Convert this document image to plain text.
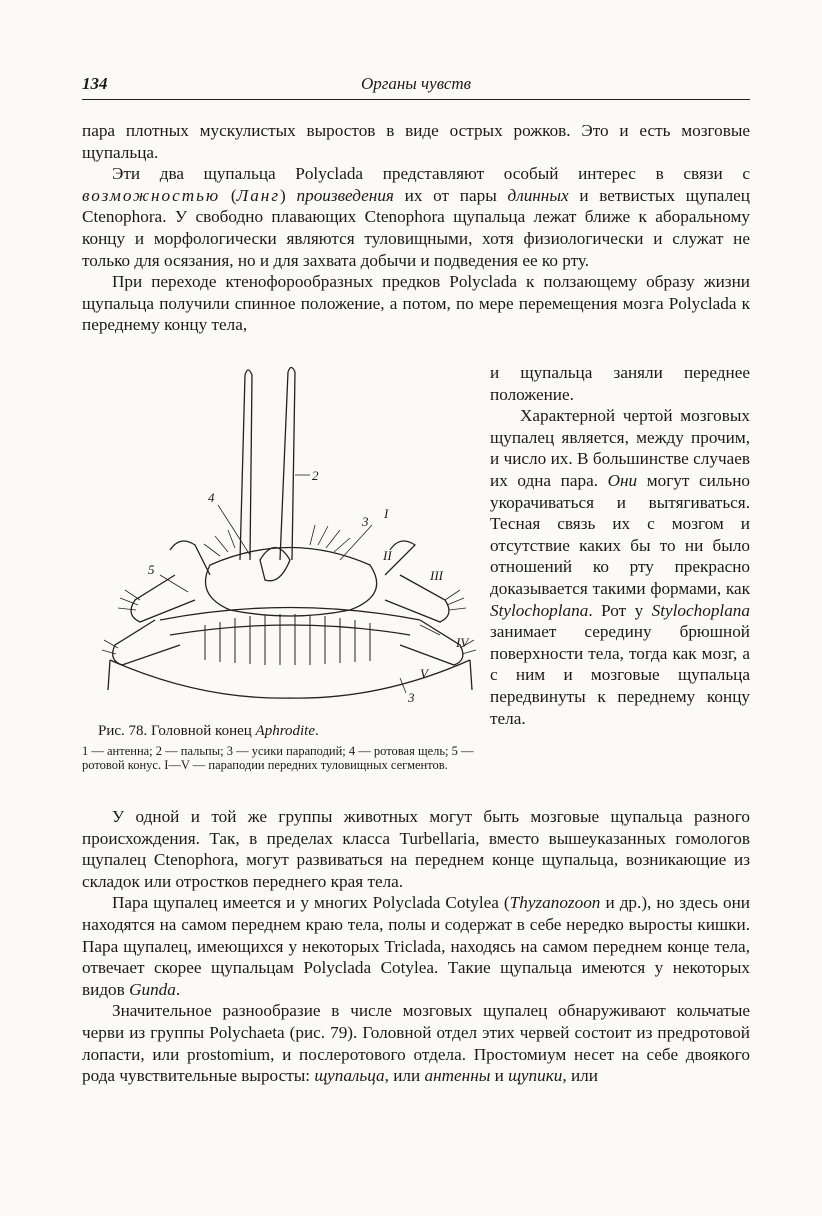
134	Органы чувств

пара плотных мускулистых выростов в виде острых рожков. Это и есть мозговые щупальца.

Эти два щупальца Polyclada представляют особый интерес в связи с возможностью (Ланг) произведения их от пары длинных и ветвистых щупалец Ctenophora. У свободно плавающих Ctenophora щупальца лежат ближе к аборальному концу и морфологически являются туловищными, хотя физиологически и служат не только для осязания, но и для захвата добычи и подведения ее ко рту.

При переходе ктенофорообразных предков Polyclada к ползающему образу жизни щупальца получили спинное положение, а потом, по мере перемещения мозга Polyclada к переднему концу тела,

и щупальца заняли переднее положение.

Характерной чертой мозговых щупалец является, между прочим, и число их. В большинстве случаев их одна пара. Они могут сильно укорачиваться и вытягиваться. Тесная связь их с мозгом и отсутствие каких бы то ни было отношений ко рту прекрасно доказывается такими формами, как Stylochoplana. Рот у Stylochoplana занимает середину брюшной поверхности тела, тогда как мозг, а с ним и мозговые щупальца передвинуты к переднему концу тела.

2
4
3
I
II
III
5
IV
V
3
Рис. 78. Головной конец Aphrodite.
1 — антенна; 2 — пальпы; 3 — усики параподий; 4 — ротовая щель; 5 — ротовой конус. I—V — параподии передних туловищных сегментов.

У одной и той же группы животных могут быть мозговые щупальца разного происхождения. Так, в пределах класса Turbellaria, вместо вышеуказанных гомологов щупалец Ctenophora, могут развиваться на переднем конце щупальца, возникающие из складок или отростков переднего края тела.

Пара щупалец имеется и у многих Polyclada Cotylea (Thyzanozoon и др.), но здесь они находятся на самом переднем краю тела, полы и содержат в себе нередко выросты кишки. Пара щупалец, имеющихся у некоторых Triclada, находясь на самом переднем конце тела, отвечает скорее щупальцам Polyclada Cotylea. Такие щупальца имеются у некоторых видов Gunda.

Значительное разнообразие в числе мозговых щупалец обнаруживают кольчатые черви из группы Polychaeta (рис. 79). Головной отдел этих червей состоит из предротовой лопасти, или prostomium, и послеротового отдела. Простомиум несет на себе двоякого рода чувствительные выросты: щупальца, или антенны и щупики, или
